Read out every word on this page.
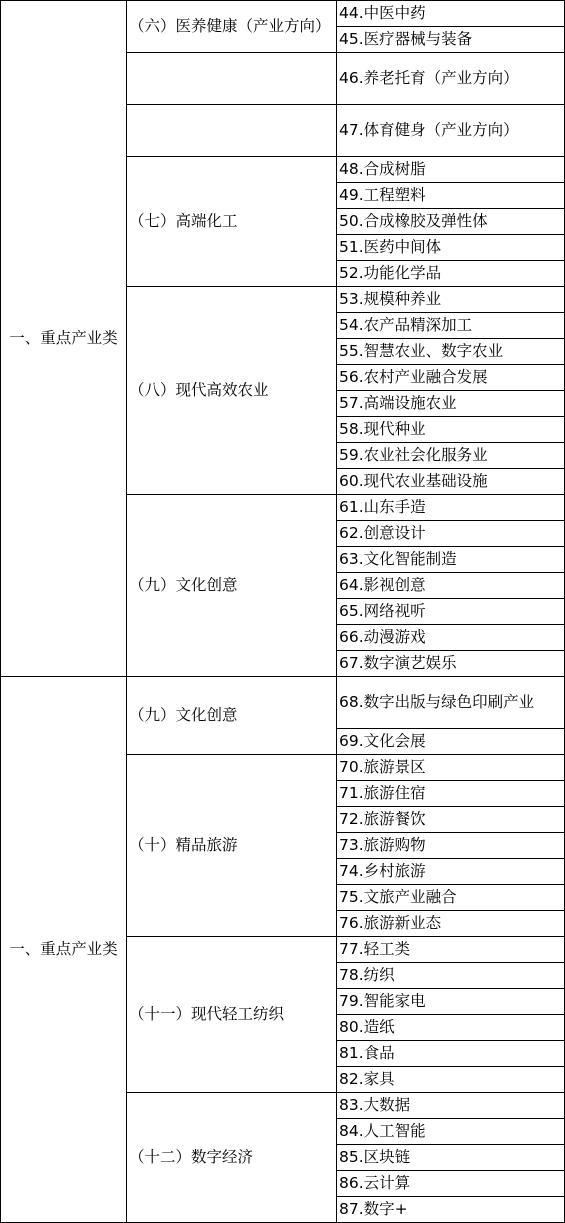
一、重点产业类	（六）医养健康（产业方向）	44.中医中药
		45.医疗器械与装备
		46.养老托育（产业方向）
		47.体育健身（产业方向）
	（七）高端化工	48.合成树脂
		49.工程塑料
		50.合成橡胶及弹性体
		51.医药中间体
		52.功能化学品
	（八）现代高效农业	53.规模种养业
		54.农产品精深加工
		55.智慧农业、数字农业
		56.农村产业融合发展
		57.高端设施农业
		58.现代种业
		59.农业社会化服务业
		60.现代农业基础设施
	（九）文化创意	61.山东手造
		62.创意设计
		63.文化智能制造
		64.影视创意
		65.网络视听
		66.动漫游戏
		67.数字演艺娱乐
一、重点产业类	（九）文化创意	68.数字出版与绿色印刷产业
		69.文化会展
	（十）精品旅游	70.旅游景区
		71.旅游住宿
		72.旅游餐饮
		73.旅游购物
		74.乡村旅游
		75.文旅产业融合
		76.旅游新业态
	（十一）现代轻工纺织	77.轻工类
		78.纺织
		79.智能家电
		80.造纸
		81.食品
		82.家具
	（十二）数字经济	83.大数据
		84.人工智能
		85.区块链
		86.云计算
		87.数字+
